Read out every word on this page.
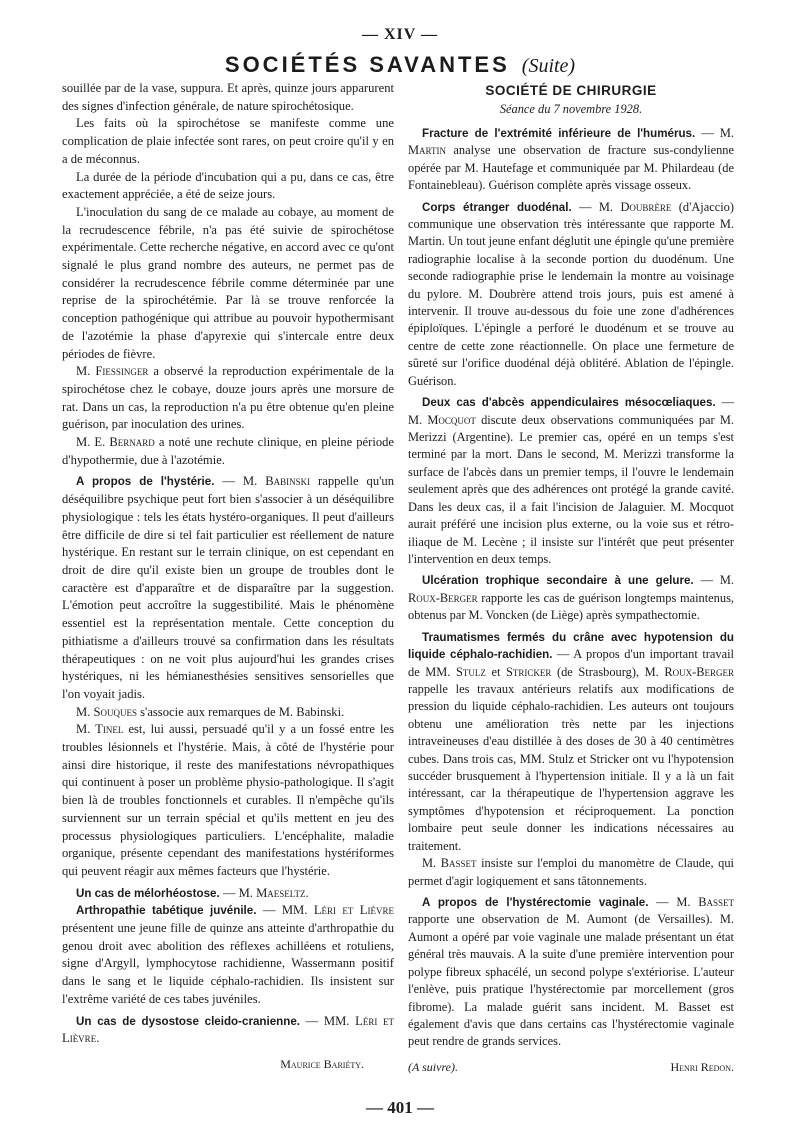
— XIV —
SOCIÉTÉS SAVANTES (Suite)

souillée par de la vase, suppura. Et après, quinze jours apparurent des signes d'infection générale, de nature spirochétosique.

Les faits où la spirochétose se manifeste comme une complication de plaie infectée sont rares, on peut croire qu'il y en a de méconnus.

La durée de la période d'incubation qui a pu, dans ce cas, être exactement appréciée, a été de seize jours.

L'inoculation du sang de ce malade au cobaye, au moment de la recrudescence fébrile, n'a pas été suivie de spirochétose expérimentale. Cette recherche négative, en accord avec ce qu'ont signalé le plus grand nombre des auteurs, ne permet pas de considérer la recrudescence fébrile comme déterminée par une reprise de la spirochétémie. Par là se trouve renforcée la conception pathogénique qui attribue au pouvoir hypothermisant de l'azotémie la phase d'apyrexie qui s'intercale entre deux périodes de fièvre.

M. Fiessinger a observé la reproduction expérimentale de la spirochétose chez le cobaye, douze jours après une morsure de rat. Dans un cas, la reproduction n'a pu être obtenue qu'en pleine guérison, par inoculation des urines.

M. E. Bernard a noté une rechute clinique, en pleine période d'hypothermie, due à l'azotémie.

A propos de l'hystérie. — M. Babinski rappelle qu'un déséquilibre psychique peut fort bien s'associer à un déséquilibre physiologique : tels les états hystéro-organiques. Il peut d'ailleurs être difficile de dire si tel fait particulier est réellement de nature hystérique. En restant sur le terrain clinique, on est cependant en droit de dire qu'il existe bien un groupe de troubles dont le caractère est d'apparaître et de disparaître par la suggestion. L'émotion peut accroître la suggestibilité. Mais le phénomène essentiel est la représentation mentale. Cette conception du pithiatisme a d'ailleurs trouvé sa confirmation dans les résultats thérapeutiques : on ne voit plus aujourd'hui les grandes crises hystériques, ni les hémianesthésies sensitives sensorielles que l'on voyait jadis.

M. Souques s'associe aux remarques de M. Babinski.

M. Tinel est, lui aussi, persuadé qu'il y a un fossé entre les troubles lésionnels et l'hystérie. Mais, à côté de l'hystérie pour ainsi dire historique, il reste des manifestations névropathiques qui continuent à poser un problème physio-pathologique. Il s'agit bien là de troubles fonctionnels et curables. Il n'empêche qu'ils surviennent sur un terrain spécial et qu'ils mettent en jeu des processus physiologiques particuliers. L'encéphalite, maladie organique, présente cependant des manifestations hystériformes qui peuvent réagir aux mêmes facteurs que l'hystérie.

Un cas de mélorhéostose. — M. Maeseltz.

Arthropathie tabétique juvénile. — MM. Léri et Lièvre présentent une jeune fille de quinze ans atteinte d'arthropathie du genou droit avec abolition des réflexes achilléens et rotuliens, signe d'Argyll, lymphocytose rachidienne, Wassermann positif dans le sang et le liquide céphalo-rachidien. Ils insistent sur l'extrême variété de ces tabes juvéniles.

Un cas de dysostose cleido-cranienne. — MM. Léri et Lièvre.

Maurice Bariéty.
SOCIÉTÉ DE CHIRURGIE
Séance du 7 novembre 1928.

Fracture de l'extrémité inférieure de l'humérus. — M. Martin analyse une observation de fracture sus-condylienne opérée par M. Hautefage et communiquée par M. Philardeau (de Fontainebleau). Guérison complète après vissage osseux.

Corps étranger duodénal. — M. Doubrère (d'Ajaccio) communique une observation très intéressante que rapporte M. Martin. Un tout jeune enfant déglutit une épingle qu'une première radiographie localise à la seconde portion du duodénum. Une seconde radiographie prise le lendemain la montre au voisinage du pylore. M. Doubrère attend trois jours, puis est amené à intervenir. Il trouve au-dessous du foie une zone d'adhérences épiploïques. L'épingle a perforé le duodénum et se trouve au centre de cette zone réactionnelle. On place une fermeture de sûreté sur l'orifice duodénal déjà oblitéré. Ablation de l'épingle. Guérison.

Deux cas d'abcès appendiculaires mésocœliaques. — M. Mocquot discute deux observations communiquées par M. Merizzi (Argentine). Le premier cas, opéré en un temps s'est terminé par la mort. Dans le second, M. Merizzi transforme la surface de l'abcès dans un premier temps, il l'ouvre le lendemain seulement après que des adhérences ont protégé la grande cavité. Dans les deux cas, il a fait l'incision de Jalaguier. M. Mocquot aurait préféré une incision plus externe, ou la voie sus et rétro-iliaque de M. Lecène ; il insiste sur l'intérêt que peut présenter l'intervention en deux temps.

Ulcération trophique secondaire à une gelure. — M. Roux-Berger rapporte les cas de guérison longtemps maintenus, obtenus par M. Voncken (de Liège) après sympathectomie.

Traumatismes fermés du crâne avec hypotension du liquide céphalo-rachidien. — A propos d'un important travail de MM. Stulz et Stricker (de Strasbourg), M. Roux-Berger rappelle les travaux antérieurs relatifs aux modifications de pression du liquide céphalo-rachidien. Les auteurs ont toujours obtenu une amélioration très nette par les injections intraveineuses d'eau distillée à des doses de 30 à 40 centimètres cubes. Dans trois cas, MM. Stulz et Stricker ont vu l'hypotension succéder brusquement à l'hypertension initiale. Il y a là un fait intéressant, car la thérapeutique de l'hypertension aggrave les symptômes d'hypotension et réciproquement. La ponction lombaire peut seule donner les indications nécessaires au traitement.

M. Basset insiste sur l'emploi du manomètre de Claude, qui permet d'agir logiquement et sans tâtonnements.

A propos de l'hystérectomie vaginale. — M. Basset rapporte une observation de M. Aumont (de Versailles). M. Aumont a opéré par voie vaginale une malade présentant un état général très mauvais. A la suite d'une première intervention pour polype fibreux sphacélé, un second polype s'extériorise. L'auteur l'enlève, puis pratique l'hystérectomie par morcellement (gros fibrome). La malade guérit sans incident. M. Basset est également d'avis que dans certains cas l'hystérectomie vaginale peut rendre de grands services.

(A suivre).	Henri Redon.
— 401 —
